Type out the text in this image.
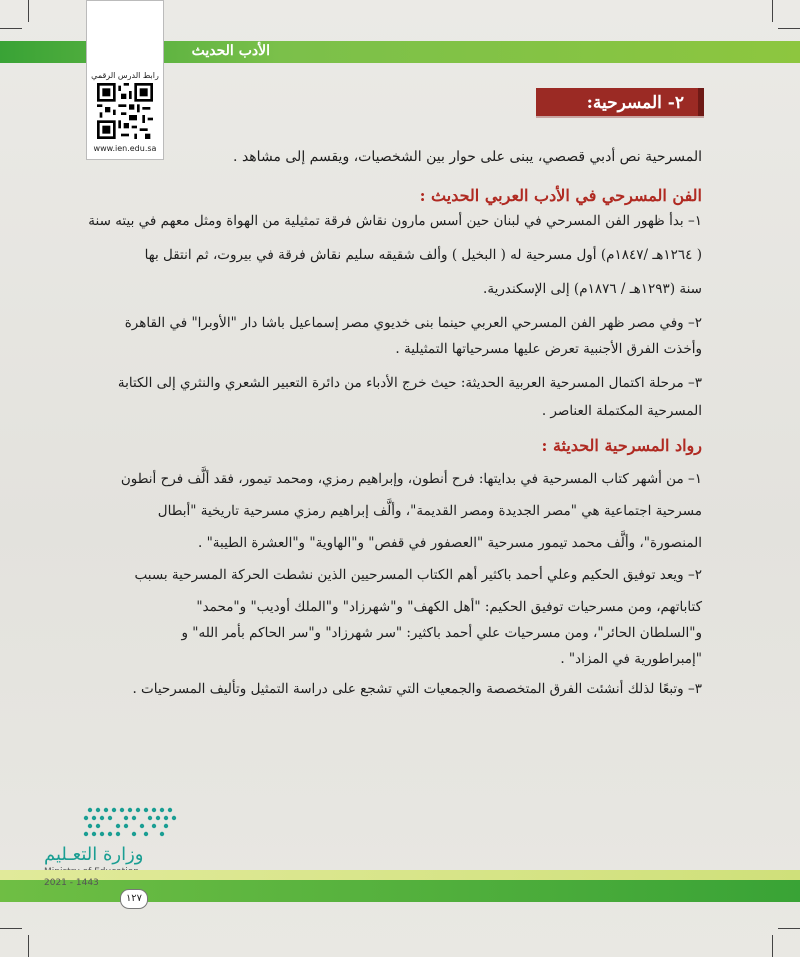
الأدب الحديث
رابط الدرس الرقمي
www.ien.edu.sa
٢- المسرحية:
المسرحية نص أدبي قصصي، يبنى على حوار بين الشخصيات، ويقسم إلى مشاهد .
الفن المسرحي في الأدب العربي الحديث :
١– بدأ ظهور الفن المسرحي في لبنان حين أسس مارون نقاش فرقة تمثيلية من الهواة ومثل معهم في بيته سنة
( ١٢٦٤هـ /١٨٤٧م) أول مسرحية له ( البخيل ) وألف شقيقه سليم نقاش فرقة في بيروت، ثم انتقل بها
سنة (١٢٩٣هـ / ١٨٧٦م) إلى الإسكندرية.
٢– وفي مصر ظهر الفن المسرحي العربي حينما بنى خديوي مصر إسماعيل باشا دار "الأوبرا" في القاهرة
وأخذت الفرق الأجنبية تعرض عليها مسرحياتها التمثيلية .
٣– مرحلة اكتمال المسرحية العربية الحديثة: حيث خرج الأدباء من دائرة التعبير الشعري والنثري إلى الكتابة
المسرحية المكتملة العناصر .
رواد المسرحية الحديثة :
١– من أشهر كتاب المسرحية في بدايتها: فرح أنطون، وإبراهيم رمزي، ومحمد تيمور، فقد ألَّف فرح أنطون
مسرحية اجتماعية هي "مصر الجديدة ومصر القديمة"، وألَّف إبراهيم رمزي مسرحية تاريخية "أبطال
المنصورة"، وألَّف محمد تيمور مسرحية "العصفور في قفص" و"الهاوية" و"العشرة الطيبة" .
٢– ويعد توفيق الحكيم وعلي أحمد باكثير أهم الكتاب المسرحيين الذين نشطت الحركة المسرحية بسبب
كتاباتهم، ومن مسرحيات توفيق الحكيم: "أهل الكهف" و"شهرزاد" و"الملك أوديب" و"محمد"
و"السلطان الحائر"، ومن مسرحيات علي أحمد باكثير: "سر شهرزاد" و"سر الحاكم بأمر الله" و
"إمبراطورية في المزاد" .
٣– وتبعًا لذلك أنشئت الفرق المتخصصة والجمعيات التي تشجع على دراسة التمثيل وتأليف المسرحيات .
وزارة التعـليم
2021 - 1443
١٢٧
